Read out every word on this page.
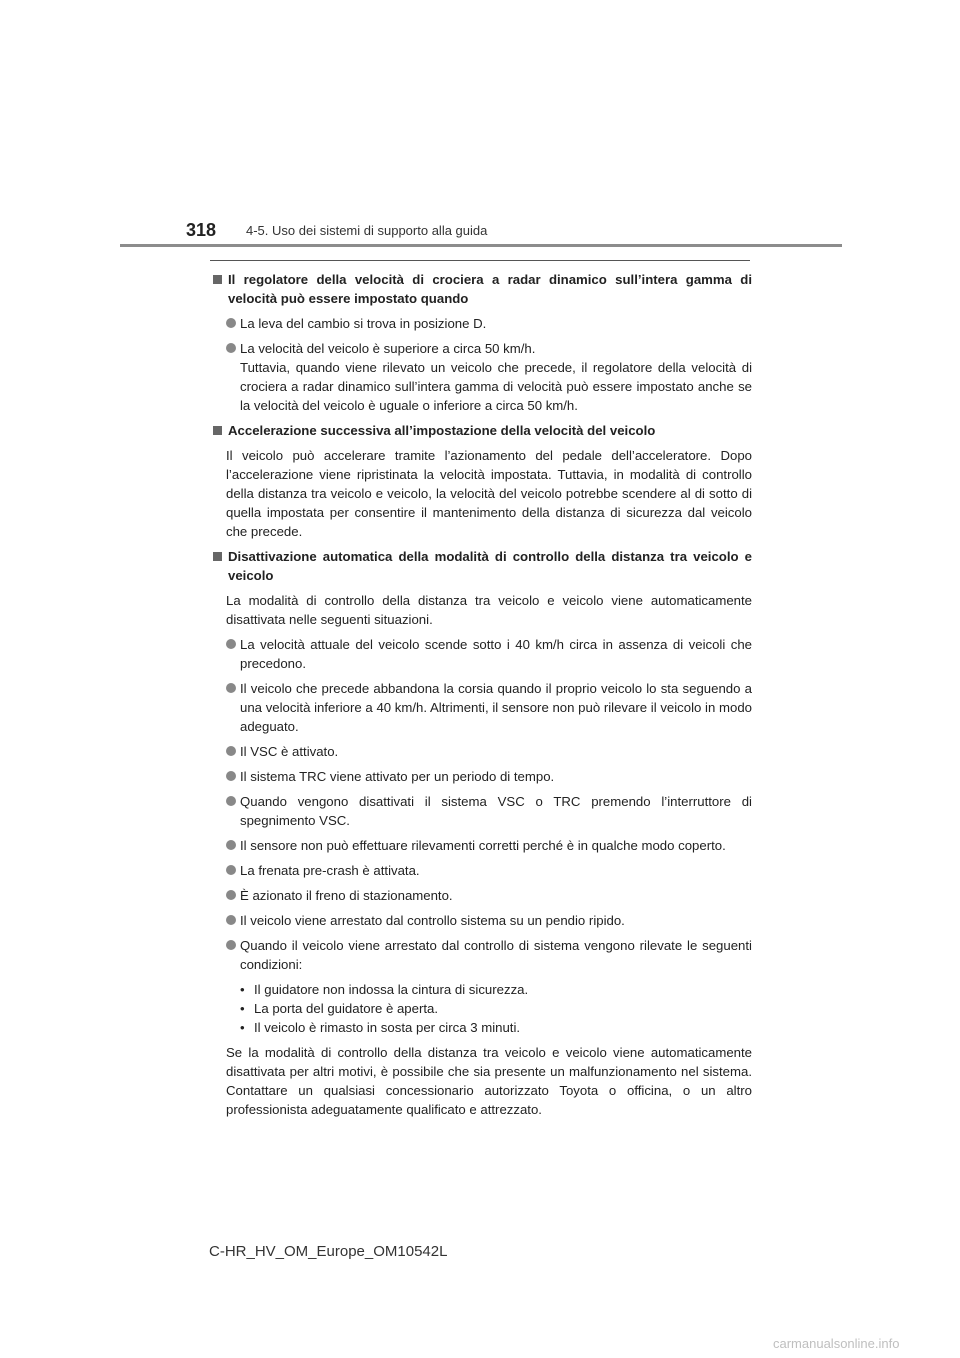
318 4-5. Uso dei sistemi di supporto alla guida
Il regolatore della velocità di crociera a radar dinamico sull’intera gamma di velocità può essere impostato quando
La leva del cambio si trova in posizione D.
La velocità del veicolo è superiore a circa 50 km/h.
Tuttavia, quando viene rilevato un veicolo che precede, il regolatore della velocità di crociera a radar dinamico sull’intera gamma di velocità può essere impostato anche se la velocità del veicolo è uguale o inferiore a circa 50 km/h.
Accelerazione successiva all’impostazione della velocità del veicolo
Il veicolo può accelerare tramite l’azionamento del pedale dell’acceleratore. Dopo l’accelerazione viene ripristinata la velocità impostata. Tuttavia, in modalità di controllo della distanza tra veicolo e veicolo, la velocità del veicolo potrebbe scendere al di sotto di quella impostata per consentire il mantenimento della distanza di sicurezza dal veicolo che precede.
Disattivazione automatica della modalità di controllo della distanza tra veicolo e veicolo
La modalità di controllo della distanza tra veicolo e veicolo viene automaticamente disattivata nelle seguenti situazioni.
La velocità attuale del veicolo scende sotto i 40 km/h circa in assenza di veicoli che precedono.
Il veicolo che precede abbandona la corsia quando il proprio veicolo lo sta seguendo a una velocità inferiore a 40 km/h. Altrimenti, il sensore non può rilevare il veicolo in modo adeguato.
Il VSC è attivato.
Il sistema TRC viene attivato per un periodo di tempo.
Quando vengono disattivati il sistema VSC o TRC premendo l’interruttore di spegnimento VSC.
Il sensore non può effettuare rilevamenti corretti perché è in qualche modo coperto.
La frenata pre-crash è attivata.
È azionato il freno di stazionamento.
Il veicolo viene arrestato dal controllo sistema su un pendio ripido.
Quando il veicolo viene arrestato dal controllo di sistema vengono rilevate le seguenti condizioni:
• Il guidatore non indossa la cintura di sicurezza.
• La porta del guidatore è aperta.
• Il veicolo è rimasto in sosta per circa 3 minuti.
Se la modalità di controllo della distanza tra veicolo e veicolo viene automaticamente disattivata per altri motivi, è possibile che sia presente un malfunzionamento nel sistema. Contattare un qualsiasi concessionario autorizzato Toyota o officina, o un altro professionista adeguatamente qualificato e attrezzato.
C-HR_HV_OM_Europe_OM10542L
carmanualsonline.info
